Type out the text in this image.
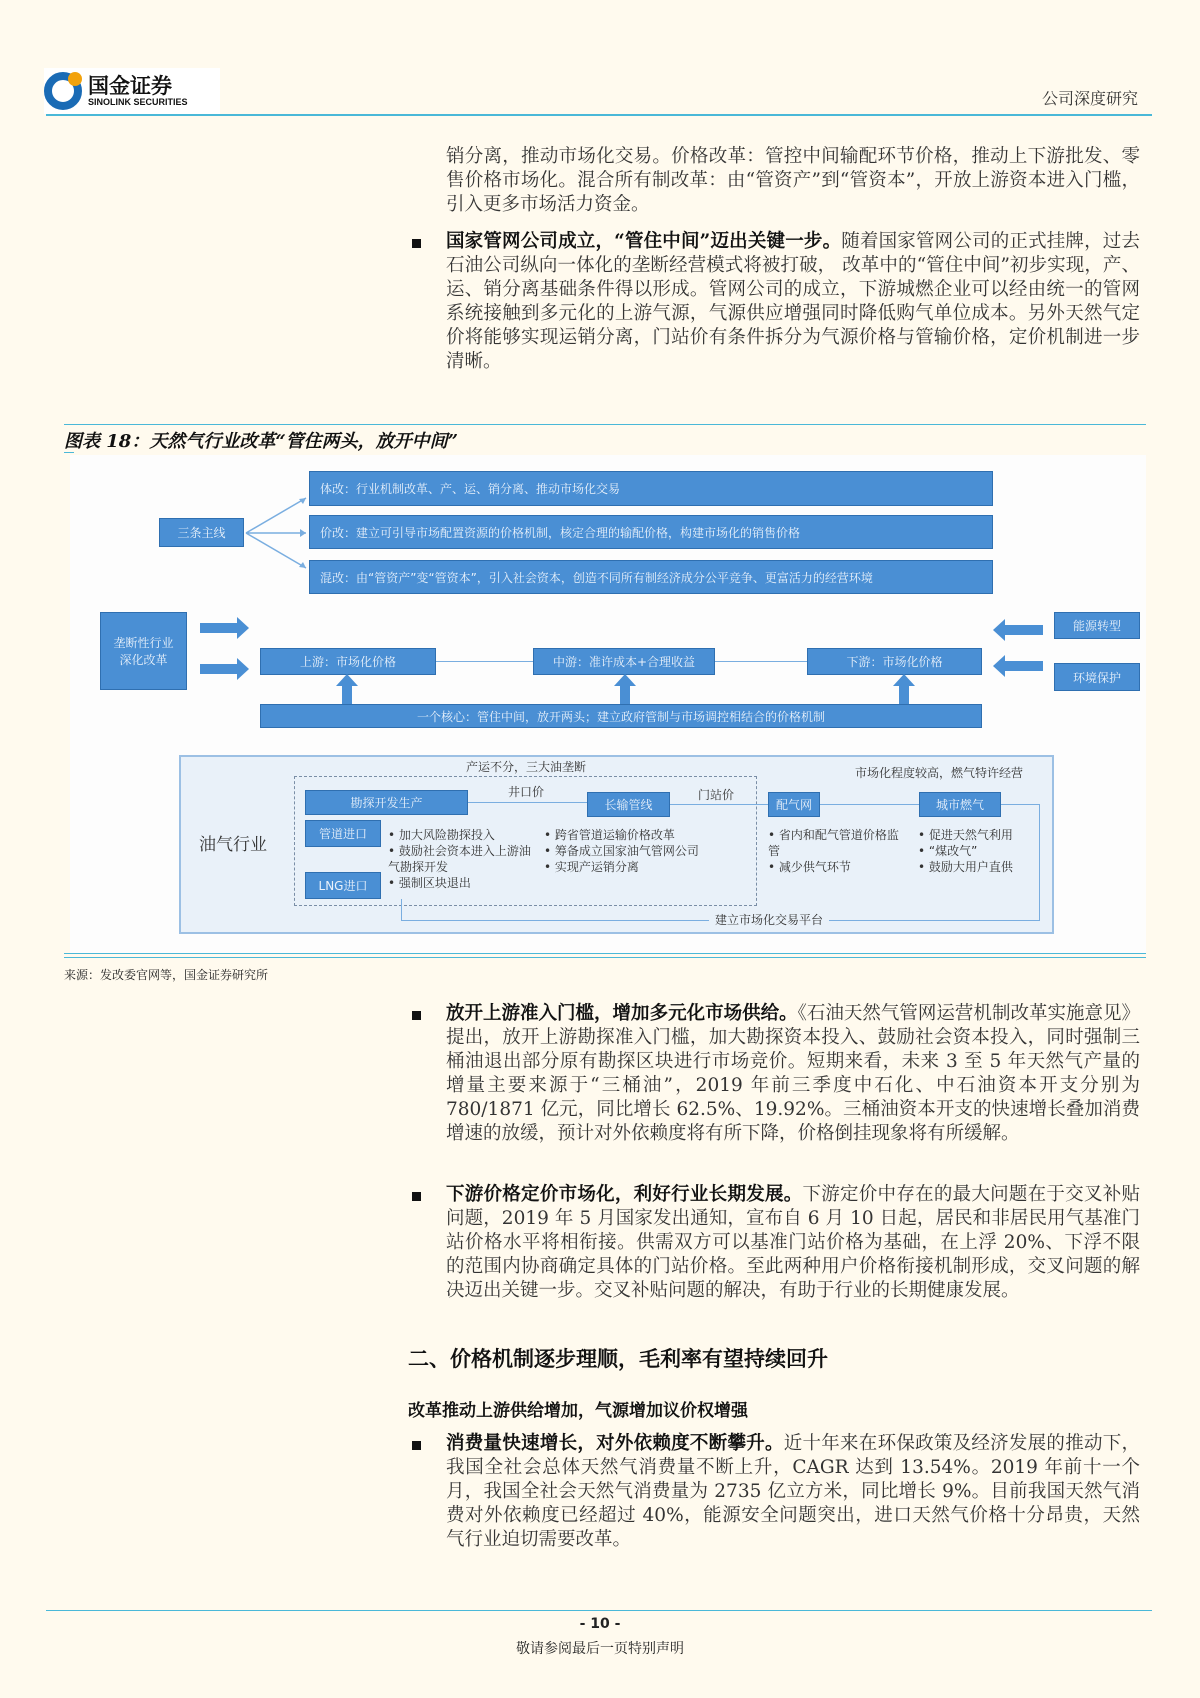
国金证券
SINOLINK SECURITIES	公司深度研究
销分离，推动市场化交易。价格改革：管控中间输配环节价格，推动上下游批发、零售价格市场化。混合所有制改革：由“管资产”到“管资本”，开放上游资本进入门槛，引入更多市场活力资金。
国家管网公司成立，“管住中间”迈出关键一步。随着国家管网公司的正式挂牌，过去石油公司纵向一体化的垄断经营模式将被打破， 改革中的“管住中间”初步实现，产、运、销分离基础条件得以形成。管网公司的成立，下游城燃企业可以经由统一的管网系统接触到多元化的上游气源，气源供应增强同时降低购气单位成本。另外天然气定价将能够实现运销分离，门站价有条件拆分为气源价格与管输价格，定价机制进一步清晰。
图表 18：天然气行业改革“管住两头，放开中间”
三条主线
体改：行业机制改革、产、运、销分离、推动市场化交易
价改：建立可引导市场配置资源的价格机制，核定合理的输配价格，构建市场化的销售价格
混改：由“管资产”变“管资本”，引入社会资本，创造不同所有制经济成分公平竞争、更富活力的经营环境
垄断性行业深化改革	上游：市场化价格	中游：准许成本+合理收益	下游：市场化价格
一个核心：管住中间，放开两头；建立政府管制与市场调控相结合的价格机制
能源转型
环境保护
油气行业
产运不分，三大油垄断	市场化程度较高，燃气特许经营
勘探开发生产
井口价
长输管线
门站价
配气网	城市燃气
管道进口
LNG进口
建立市场化交易平台
• 加大风险勘探投入
• 鼓励社会资本进入上游油气勘探开发
• 强制区块退出
• 跨省管道运输价格改革
• 筹备成立国家油气管网公司
• 实现产运销分离
• 省内和配气管道价格监管
• 减少供气环节
• 促进天然气利用
• “煤改气”
• 鼓励大用户直供
来源：发改委官网等，国金证券研究所
放开上游准入门槛，增加多元化市场供给。《石油天然气管网运营机制改革实施意见》提出，放开上游勘探准入门槛，加大勘探资本投入、鼓励社会资本投入，同时强制三桶油退出部分原有勘探区块进行市场竞价。短期来看，未来 3 至 5 年天然气产量的增量主要来源于“三桶油”，2019 年前三季度中石化、中石油资本开支分别为 780/1871 亿元，同比增长 62.5%、19.92%。三桶油资本开支的快速增长叠加消费增速的放缓，预计对外依赖度将有所下降，价格倒挂现象将有所缓解。
下游价格定价市场化，利好行业长期发展。下游定价中存在的最大问题在于交叉补贴问题，2019 年 5 月国家发出通知，宣布自 6 月 10 日起，居民和非居民用气基准门站价格水平将相衔接。供需双方可以基准门站价格为基础，在上浮 20%、下浮不限的范围内协商确定具体的门站价格。至此两种用户价格衔接机制形成，交叉问题的解决迈出关键一步。交叉补贴问题的解决，有助于行业的长期健康发展。
二、价格机制逐步理顺，毛利率有望持续回升
改革推动上游供给增加，气源增加议价权增强
消费量快速增长，对外依赖度不断攀升。近十年来在环保政策及经济发展的推动下，我国全社会总体天然气消费量不断上升，CAGR 达到 13.54%。2019 年前十一个月，我国全社会天然气消费量为 2735 亿立方米，同比增长 9%。目前我国天然气消费对外依赖度已经超过 40%，能源安全问题突出，进口天然气价格十分昂贵，天然气行业迫切需要改革。
- 10 -
敬请参阅最后一页特别声明
